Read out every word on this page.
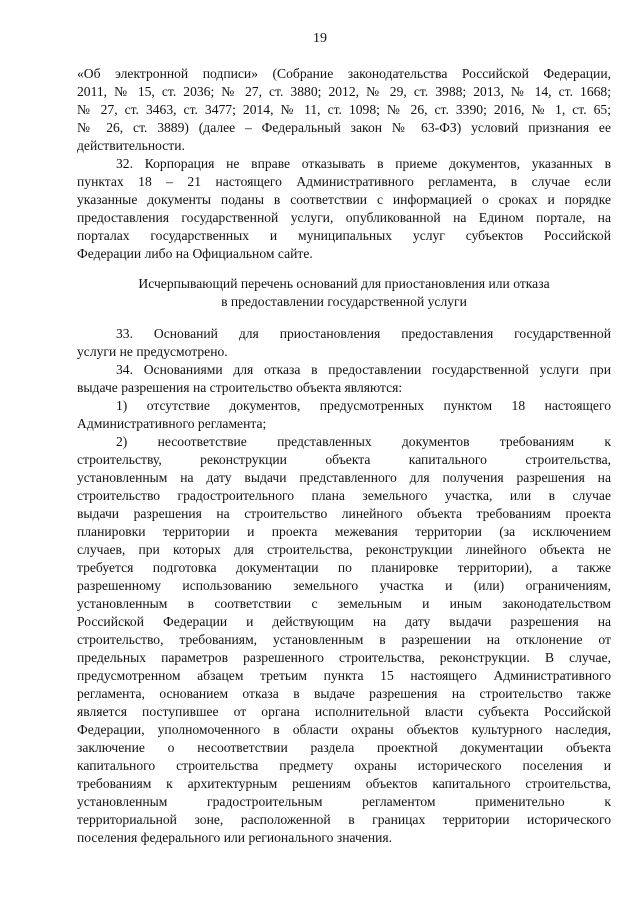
19
«Об электронной подписи» (Собрание законодательства Российской Федерации,
2011, № 15, ст. 2036; № 27, ст. 3880; 2012, № 29, ст. 3988; 2013, № 14, ст. 1668;
№ 27, ст. 3463, ст. 3477; 2014, № 11, ст. 1098; № 26, ст. 3390; 2016, № 1, ст. 65;
№ 26, ст. 3889) (далее – Федеральный закон № 63-ФЗ) условий признания ее
действительности.
32. Корпорация не вправе отказывать в приеме документов, указанных в
пунктах 18 – 21 настоящего Административного регламента, в случае если
указанные документы поданы в соответствии с информацией о сроках и порядке
предоставления государственной услуги, опубликованной на Едином портале, на
порталах государственных и муниципальных услуг субъектов Российской
Федерации либо на Официальном сайте.
Исчерпывающий перечень оснований для приостановления или отказа
в предоставлении государственной услуги
33. Оснований для приостановления предоставления государственной
услуги не предусмотрено.
34. Основаниями для отказа в предоставлении государственной услуги при
выдаче разрешения на строительство объекта являются:
1) отсутствие документов, предусмотренных пунктом 18 настоящего
Административного регламента;
2) несоответствие представленных документов требованиям к
строительству, реконструкции объекта капитального строительства,
установленным на дату выдачи представленного для получения разрешения на
строительство градостроительного плана земельного участка, или в случае
выдачи разрешения на строительство линейного объекта требованиям проекта
планировки территории и проекта межевания территории (за исключением
случаев, при которых для строительства, реконструкции линейного объекта не
требуется подготовка документации по планировке территории), а также
разрешенному использованию земельного участка и (или) ограничениям,
установленным в соответствии с земельным и иным законодательством
Российской Федерации и действующим на дату выдачи разрешения на
строительство, требованиям, установленным в разрешении на отклонение от
предельных параметров разрешенного строительства, реконструкции. В случае,
предусмотренном абзацем третьим пункта 15 настоящего Административного
регламента, основанием отказа в выдаче разрешения на строительство также
является поступившее от органа исполнительной власти субъекта Российской
Федерации, уполномоченного в области охраны объектов культурного наследия,
заключение о несоответствии раздела проектной документации объекта
капитального строительства предмету охраны исторического поселения и
требованиям к архитектурным решениям объектов капитального строительства,
установленным градостроительным регламентом применительно к
территориальной зоне, расположенной в границах территории исторического
поселения федерального или регионального значения.
